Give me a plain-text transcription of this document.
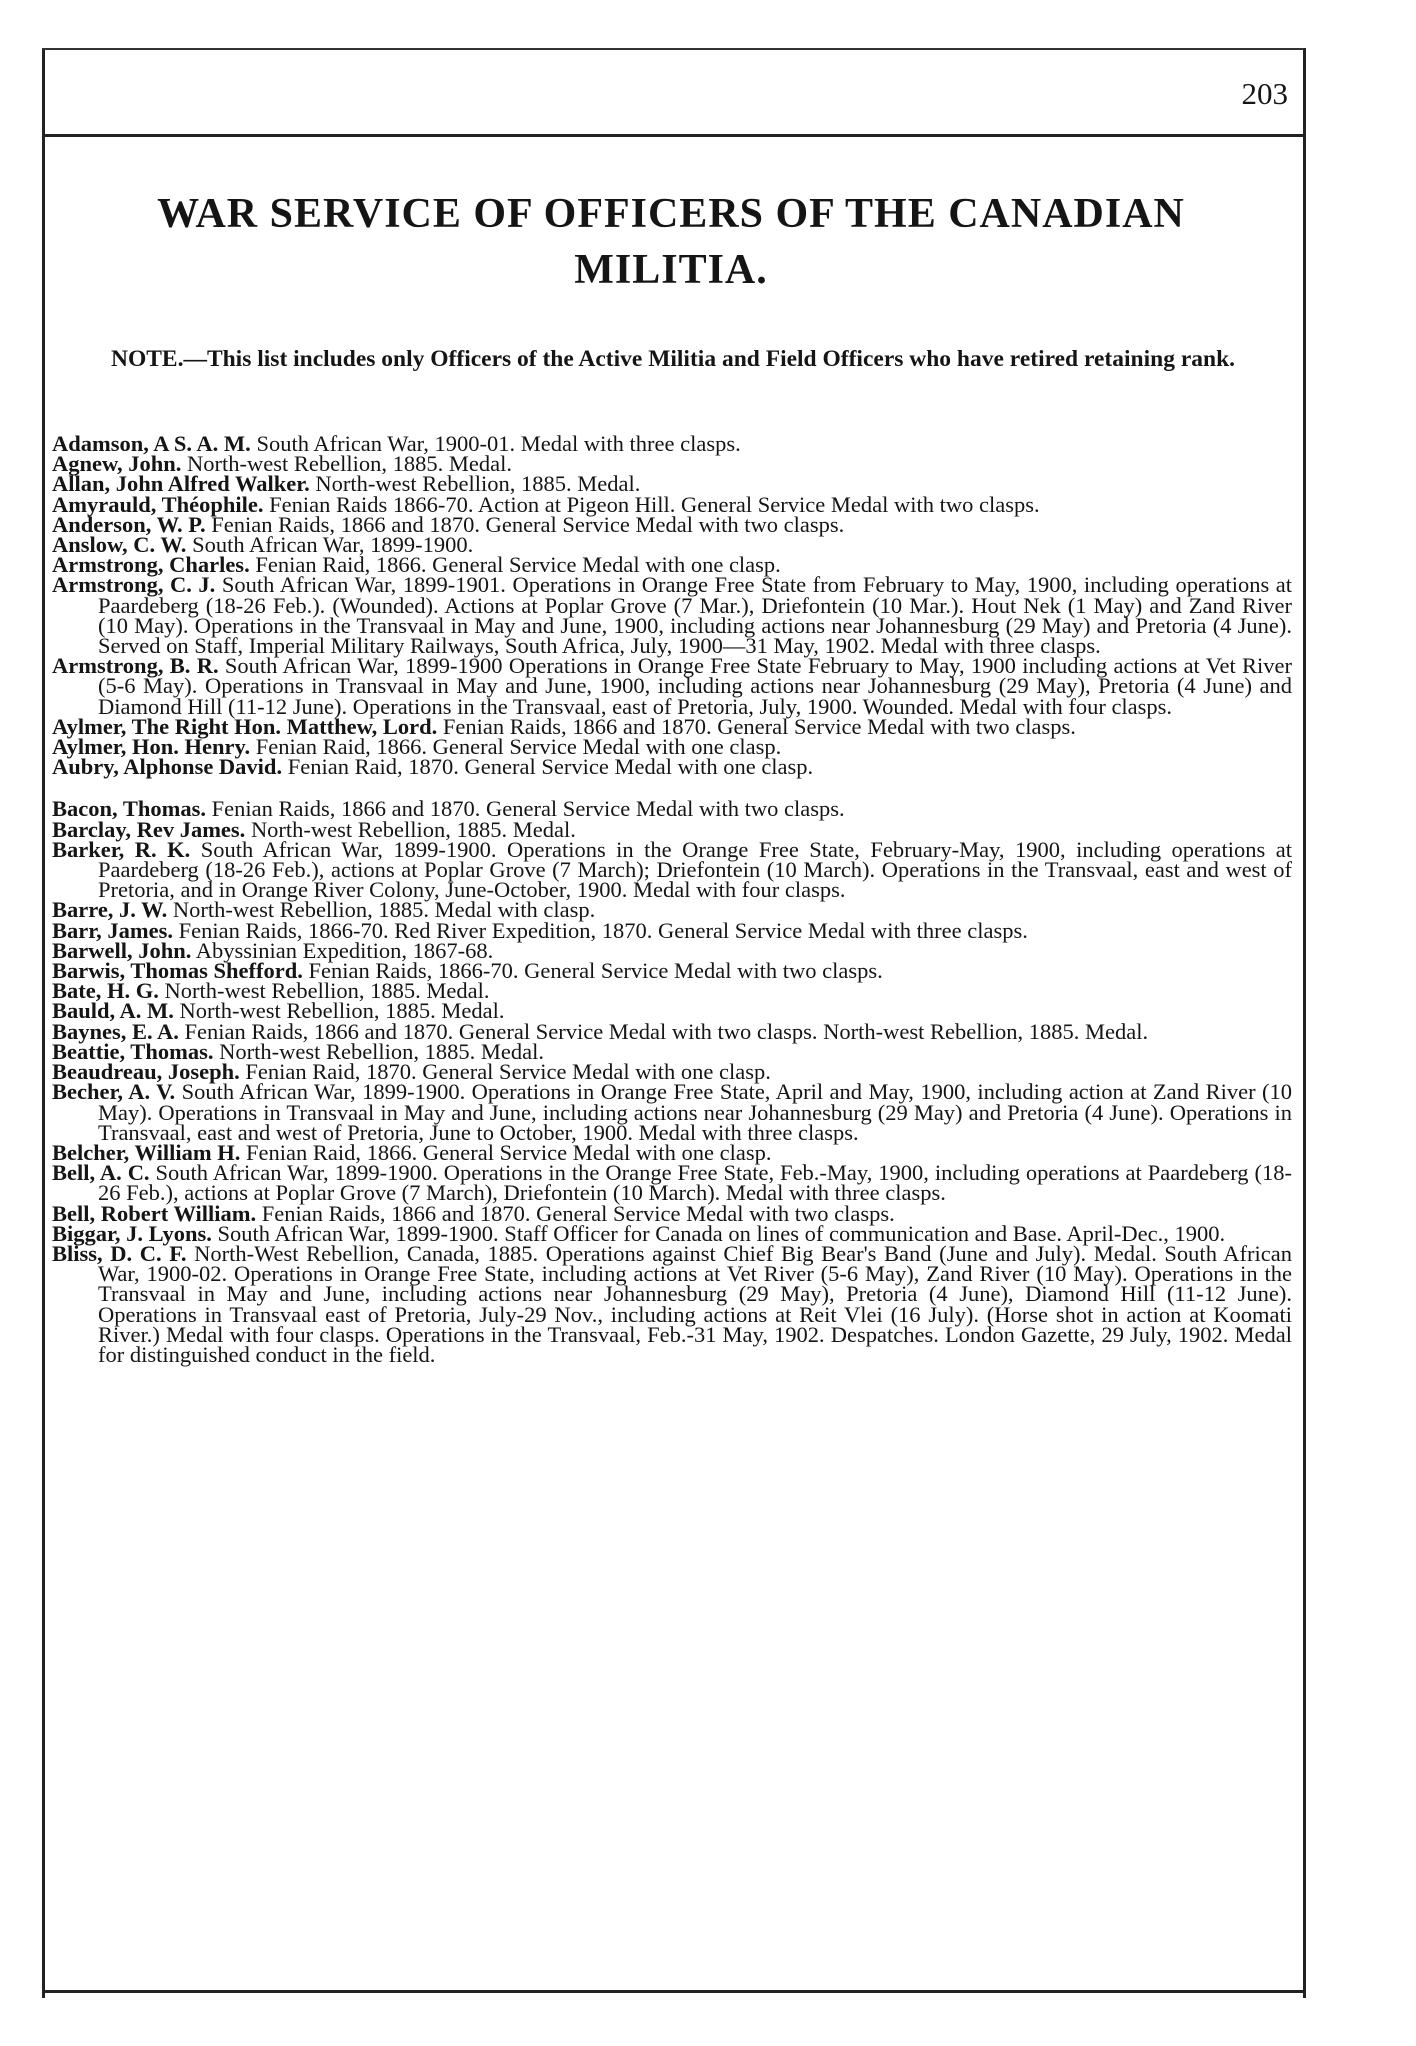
203
WAR SERVICE OF OFFICERS OF THE CANADIAN
MILITIA.
NOTE.—This list includes only Officers of the Active Militia and Field Officers who have retired retaining rank.

Adamson, A S. A. M. South African War, 1900-01. Medal with three clasps.

Agnew, John. North-west Rebellion, 1885. Medal.

Allan, John Alfred Walker. North-west Rebellion, 1885. Medal.

Amyrauld, Théophile. Fenian Raids 1866-70. Action at Pigeon Hill. General Service Medal with two clasps.

Anderson, W. P. Fenian Raids, 1866 and 1870. General Service Medal with two clasps.

Anslow, C. W. South African War, 1899-1900.

Armstrong, Charles. Fenian Raid, 1866. General Service Medal with one clasp.

Armstrong, C. J. South African War, 1899-1901. Operations in Orange Free State from February to May, 1900, including operations at Paardeberg (18-26 Feb.). (Wounded). Actions at Poplar Grove (7 Mar.), Driefontein (10 Mar.). Hout Nek (1 May) and Zand River (10 May). Operations in the Transvaal in May and June, 1900, including actions near Johannesburg (29 May) and Pretoria (4 June). Served on Staff, Imperial Military Railways, South Africa, July, 1900—31 May, 1902. Medal with three clasps.

Armstrong, B. R. South African War, 1899-1900 Operations in Orange Free State February to May, 1900 including actions at Vet River (5-6 May). Operations in Transvaal in May and June, 1900, including actions near Johannesburg (29 May), Pretoria (4 June) and Diamond Hill (11-12 June). Operations in the Transvaal, east of Pretoria, July, 1900. Wounded. Medal with four clasps.

Aylmer, The Right Hon. Matthew, Lord. Fenian Raids, 1866 and 1870. General Service Medal with two clasps.

Aylmer, Hon. Henry. Fenian Raid, 1866. General Service Medal with one clasp.

Aubry, Alphonse David. Fenian Raid, 1870. General Service Medal with one clasp.

Bacon, Thomas. Fenian Raids, 1866 and 1870. General Service Medal with two clasps.

Barclay, Rev James. North-west Rebellion, 1885. Medal.

Barker, R. K. South African War, 1899-1900. Operations in the Orange Free State, February-May, 1900, including operations at Paardeberg (18-26 Feb.), actions at Poplar Grove (7 March); Driefontein (10 March). Operations in the Transvaal, east and west of Pretoria, and in Orange River Colony, June-October, 1900. Medal with four clasps.

Barre, J. W. North-west Rebellion, 1885. Medal with clasp.

Barr, James. Fenian Raids, 1866-70. Red River Expedition, 1870. General Service Medal with three clasps.

Barwell, John. Abyssinian Expedition, 1867-68.

Barwis, Thomas Shefford. Fenian Raids, 1866-70. General Service Medal with two clasps.

Bate, H. G. North-west Rebellion, 1885. Medal.

Bauld, A. M. North-west Rebellion, 1885. Medal.

Baynes, E. A. Fenian Raids, 1866 and 1870. General Service Medal with two clasps. North-west Rebellion, 1885. Medal.

Beattie, Thomas. North-west Rebellion, 1885. Medal.

Beaudreau, Joseph. Fenian Raid, 1870. General Service Medal with one clasp.

Becher, A. V. South African War, 1899-1900. Operations in Orange Free State, April and May, 1900, including action at Zand River (10 May). Operations in Transvaal in May and June, including actions near Johannesburg (29 May) and Pretoria (4 June). Operations in Transvaal, east and west of Pretoria, June to October, 1900. Medal with three clasps.

Belcher, William H. Fenian Raid, 1866. General Service Medal with one clasp.

Bell, A. C. South African War, 1899-1900. Operations in the Orange Free State, Feb.-May, 1900, including operations at Paardeberg (18-26 Feb.), actions at Poplar Grove (7 March), Driefontein (10 March). Medal with three clasps.

Bell, Robert William. Fenian Raids, 1866 and 1870. General Service Medal with two clasps.

Biggar, J. Lyons. South African War, 1899-1900. Staff Officer for Canada on lines of communication and Base. April-Dec., 1900.

Bliss, D. C. F. North-West Rebellion, Canada, 1885. Operations against Chief Big Bear's Band (June and July). Medal. South African War, 1900-02. Operations in Orange Free State, including actions at Vet River (5-6 May), Zand River (10 May). Operations in the Transvaal in May and June, including actions near Johannesburg (29 May), Pretoria (4 June), Diamond Hill (11-12 June). Operations in Transvaal east of Pretoria, July-29 Nov., including actions at Reit Vlei (16 July). (Horse shot in action at Koomati River.) Medal with four clasps. Operations in the Transvaal, Feb.-31 May, 1902. Despatches. London Gazette, 29 July, 1902. Medal for distinguished conduct in the field.
